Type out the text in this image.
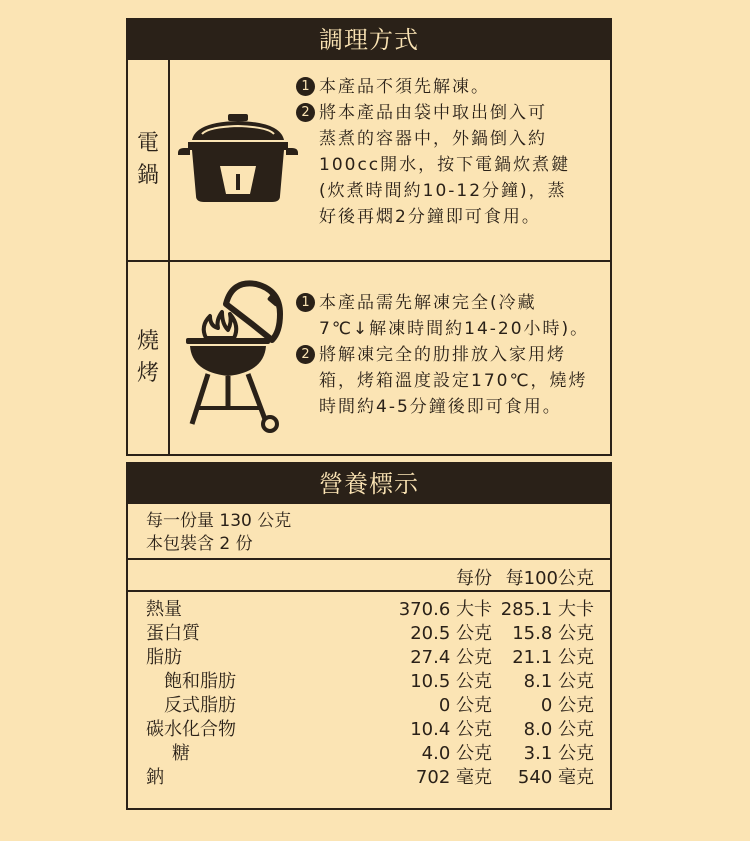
調理方式
電
鍋
1 本產品不須先解凍。
2 將本產品由袋中取出倒入可
蒸煮的容器中，外鍋倒入約
100cc開水，按下電鍋炊煮鍵
(炊煮時間約10-12分鐘)，蒸
好後再燜2分鐘即可食用。
燒
烤
1 本產品需先解凍完全(冷藏
7℃↓解凍時間約14-20小時)。
2 將解凍完全的肋排放入家用烤
箱，烤箱溫度設定170℃，燒烤
時間約4-5分鐘後即可食用。
營養標示
每一份量 130 公克
本包裝含 2 份
每份 每100公克
熱量	370.6 大卡 285.1 大卡
蛋白質	20.5 公克 15.8 公克
脂肪	27.4 公克 21.1 公克
飽和脂肪	10.5 公克 8.1 公克
反式脂肪	0 公克	0 公克
碳水化合物	10.4 公克 8.0 公克
糖	4.0 公克 3.1 公克
鈉	702 毫克 540 毫克
